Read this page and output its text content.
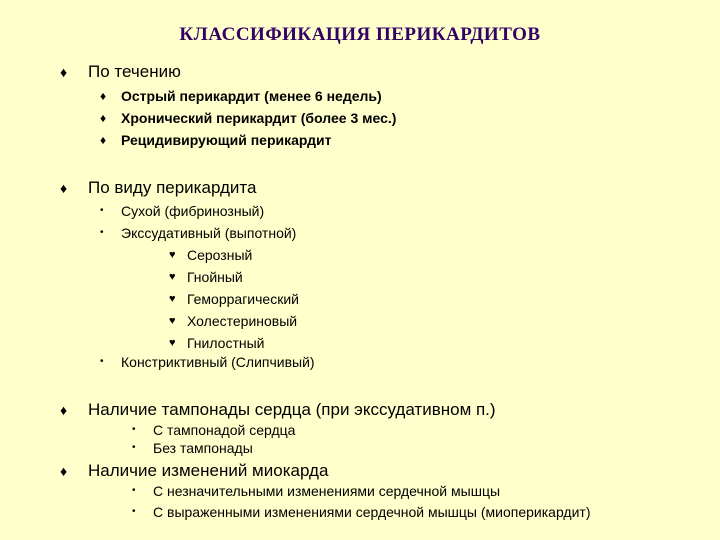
КЛАССИФИКАЦИЯ ПЕРИКАРДИТОВ
♦ По течению
♦ Острый перикардит (менее 6 недель)
♦ Хронический перикардит (более 3 мес.)
♦ Рецидивирующий перикардит
♦ По виду перикардита
• Сухой (фибринозный)
• Экссудативный (выпотной)
♥ Серозный
♥ Гнойный
♥ Геморрагический
♥ Холестериновый
♥ Гнилостный
• Констриктивный (Слипчивый)
♦ Наличие тампонады сердца (при экссудативном п.)
• С тампонадой сердца
• Без тампонады
♦ Наличие изменений миокарда
• С незначительными изменениями сердечной мышцы
• С выраженными изменениями сердечной мышцы (миоперикардит)
